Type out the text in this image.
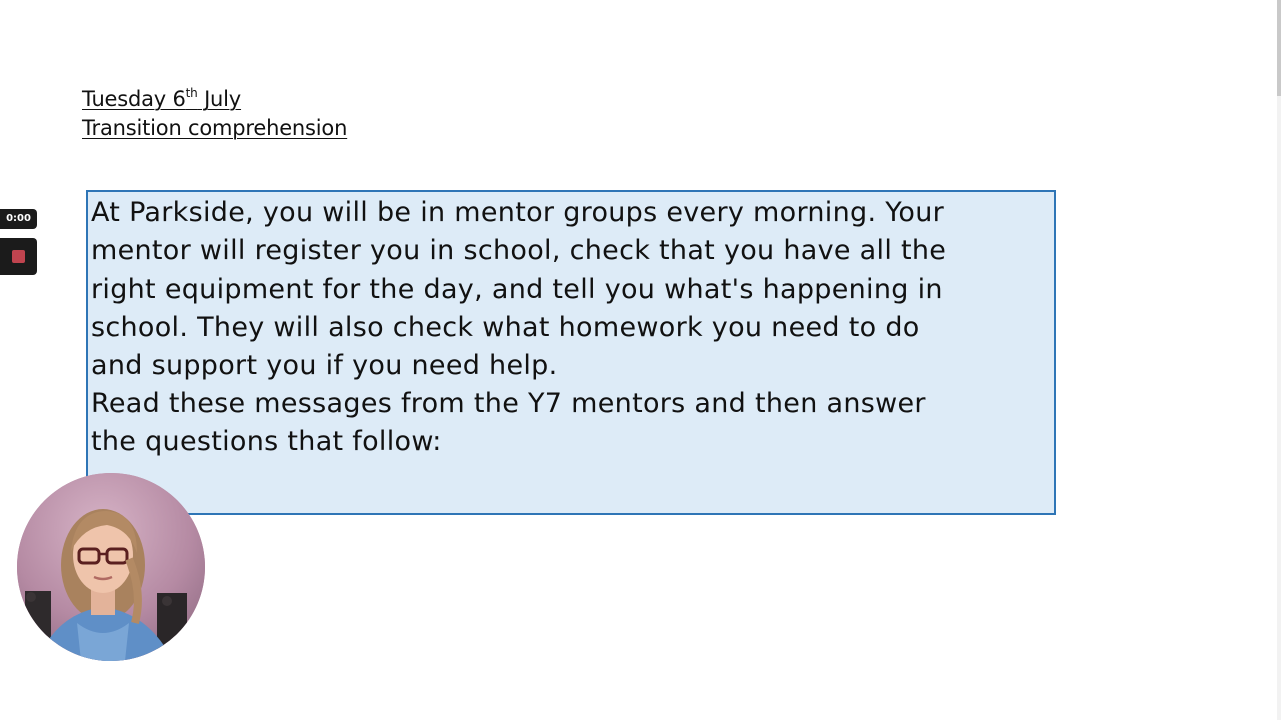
Tuesday 6th July
Transition comprehension

At Parkside, you will be in mentor groups every morning. Your
mentor will register you in school, check that you have all the
right equipment for the day, and tell you what's happening in
school. They will also check what homework you need to do
and support you if you need help.

Read these messages from the Y7 mentors and then answer
the questions that follow:

0:00
